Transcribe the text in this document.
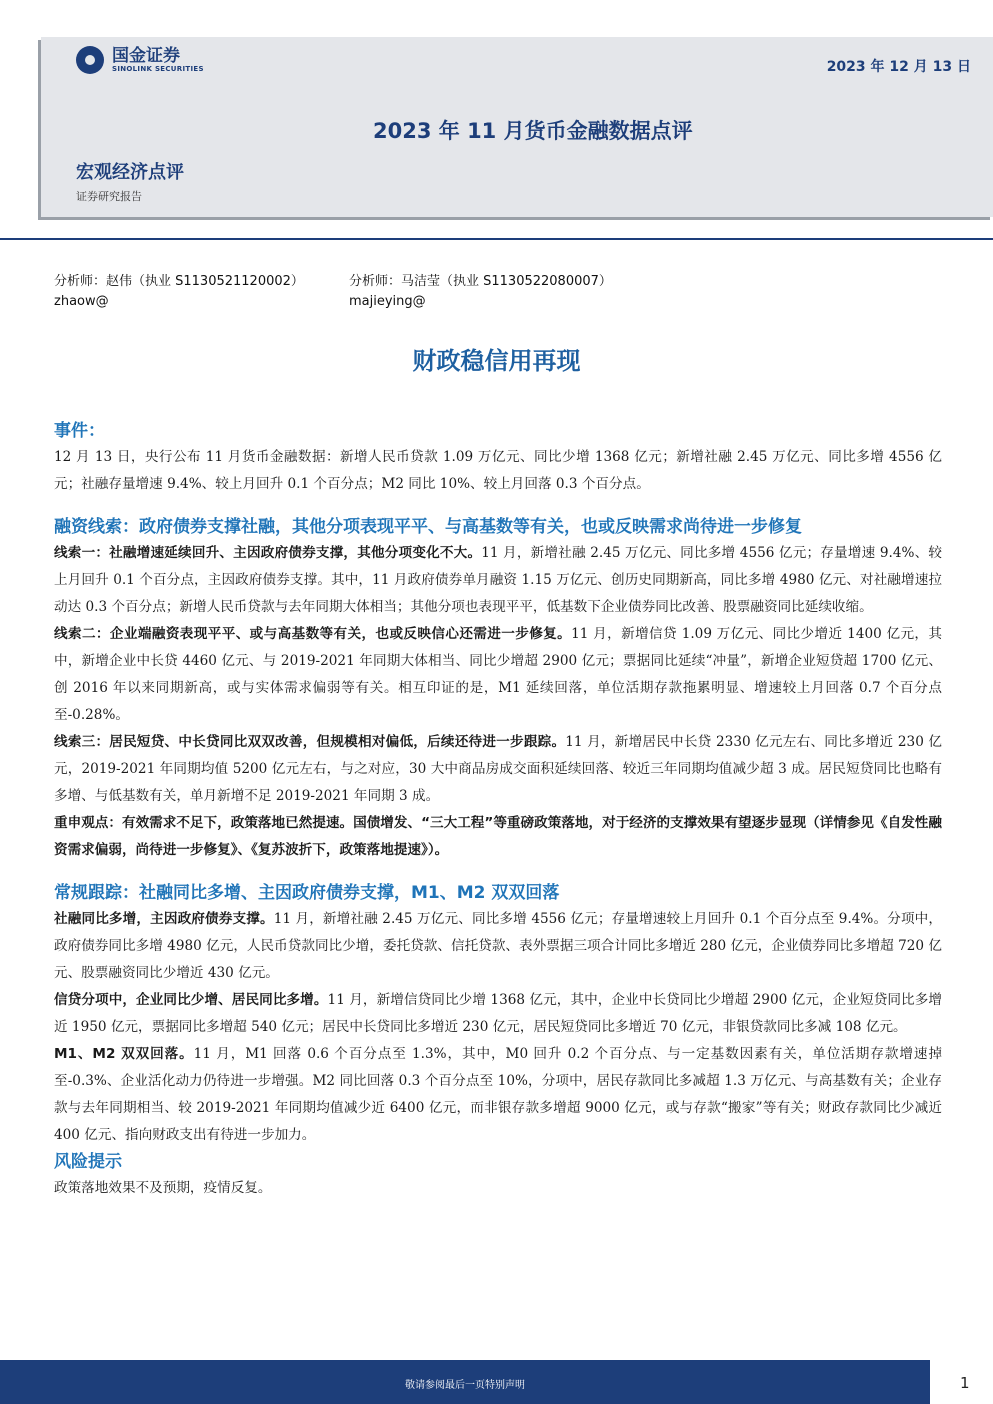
国金证券
SINOLINK SECURITIES	2023 年 12 月 13 日
2023 年 11 月货币金融数据点评
宏观经济点评
证券研究报告
分析师：赵伟（执业 S1130521120002）
zhaow@
分析师：马洁莹（执业 S1130522080007）
majieying@
财政稳信用再现
事件：

12 月 13 日，央行公布 11 月货币金融数据：新增人民币贷款 1.09 万亿元、同比少增 1368 亿元；新增社融 2.45 万亿元、同比多增 4556 亿元；社融存量增速 9.4%、较上月回升 0.1 个百分点；M2 同比 10%、较上月回落 0.3 个百分点。

融资线索：政府债券支撑社融，其他分项表现平平、与高基数等有关，也或反映需求尚待进一步修复

线索一：社融增速延续回升、主因政府债券支撑，其他分项变化不大。11 月，新增社融 2.45 万亿元、同比多增 4556 亿元；存量增速 9.4%、较上月回升 0.1 个百分点，主因政府债券支撑。其中，11 月政府债券单月融资 1.15 万亿元、创历史同期新高，同比多增 4980 亿元、对社融增速拉动达 0.3 个百分点；新增人民币贷款与去年同期大体相当；其他分项也表现平平，低基数下企业债券同比改善、股票融资同比延续收缩。

线索二：企业端融资表现平平、或与高基数等有关，也或反映信心还需进一步修复。11 月，新增信贷 1.09 万亿元、同比少增近 1400 亿元，其中，新增企业中长贷 4460 亿元、与 2019-2021 年同期大体相当、同比少增超 2900 亿元；票据同比延续“冲量”，新增企业短贷超 1700 亿元、创 2016 年以来同期新高，或与实体需求偏弱等有关。相互印证的是，M1 延续回落，单位活期存款拖累明显、增速较上月回落 0.7 个百分点至-0.28%。

线索三：居民短贷、中长贷同比双双改善，但规模相对偏低，后续还待进一步跟踪。11 月，新增居民中长贷 2330 亿元左右、同比多增近 230 亿元，2019-2021 年同期均值 5200 亿元左右，与之对应，30 大中商品房成交面积延续回落、较近三年同期均值减少超 3 成。居民短贷同比也略有多增、与低基数有关，单月新增不足 2019-2021 年同期 3 成。

重申观点：有效需求不足下，政策落地已然提速。国债增发、“三大工程”等重磅政策落地，对于经济的支撑效果有望逐步显现（详情参见《自发性融资需求偏弱，尚待进一步修复》、《复苏波折下，政策落地提速》）。

常规跟踪：社融同比多增、主因政府债券支撑，M1、M2 双双回落

社融同比多增，主因政府债券支撑。11 月，新增社融 2.45 万亿元、同比多增 4556 亿元；存量增速较上月回升 0.1 个百分点至 9.4%。分项中，政府债券同比多增 4980 亿元，人民币贷款同比少增，委托贷款、信托贷款、表外票据三项合计同比多增近 280 亿元，企业债券同比多增超 720 亿元、股票融资同比少增近 430 亿元。

信贷分项中，企业同比少增、居民同比多增。11 月，新增信贷同比少增 1368 亿元，其中，企业中长贷同比少增超 2900 亿元，企业短贷同比多增近 1950 亿元，票据同比多增超 540 亿元；居民中长贷同比多增近 230 亿元，居民短贷同比多增近 70 亿元，非银贷款同比多减 108 亿元。

M1、M2 双双回落。11 月，M1 回落 0.6 个百分点至 1.3%，其中，M0 回升 0.2 个百分点、与一定基数因素有关，单位活期存款增速掉至-0.3%、企业活化动力仍待进一步增强。M2 同比回落 0.3 个百分点至 10%，分项中，居民存款同比多减超 1.3 万亿元、与高基数有关；企业存款与去年同期相当、较 2019-2021 年同期均值减少近 6400 亿元，而非银存款多增超 9000 亿元，或与存款“搬家”等有关；财政存款同比少减近 400 亿元、指向财政支出有待进一步加力。

风险提示

政策落地效果不及预期，疫情反复。

敬请参阅最后一页特别声明	1
